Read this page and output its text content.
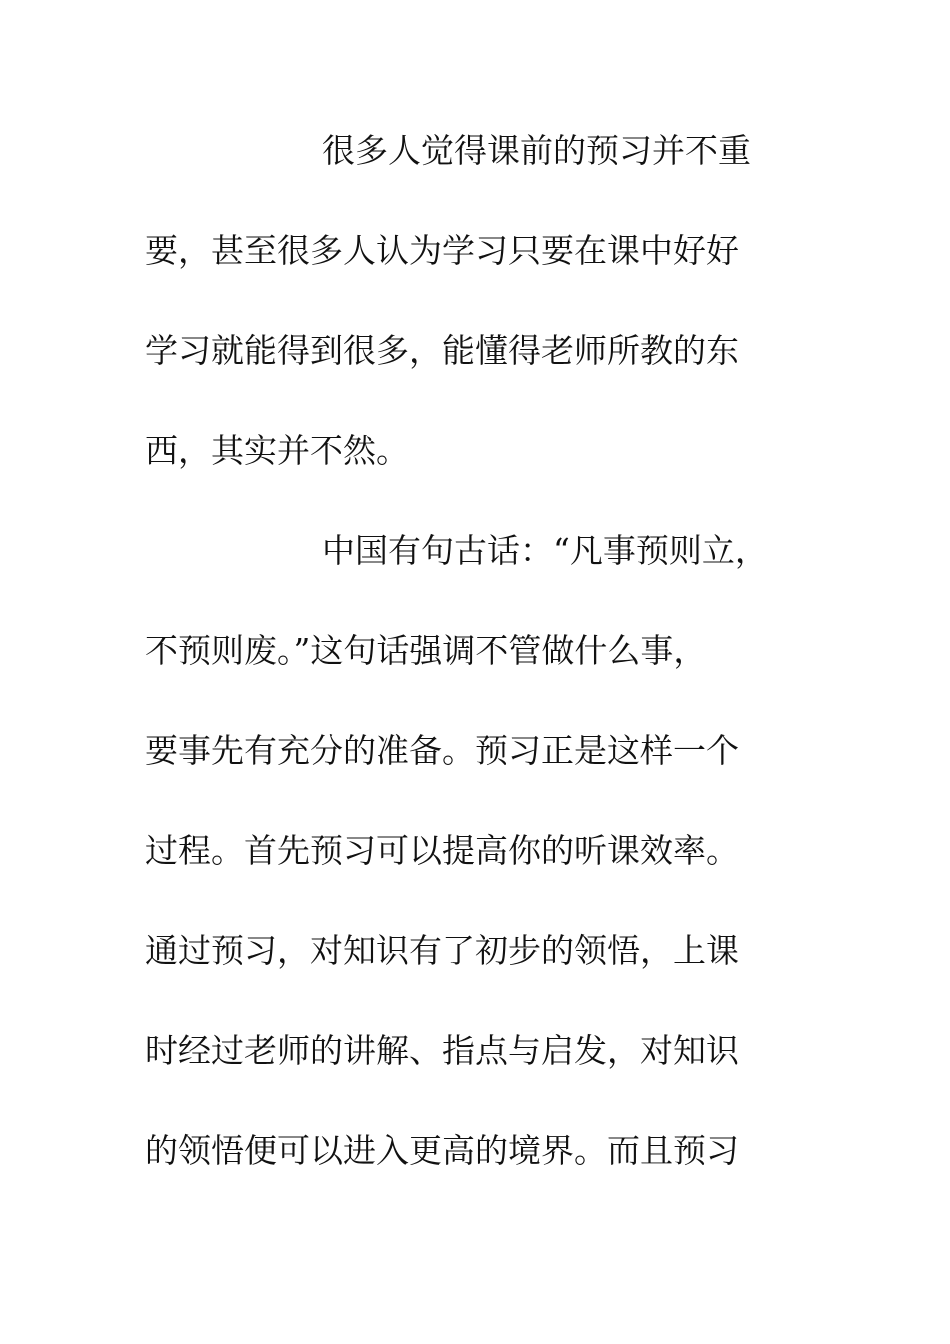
很多人觉得课前的预习并不重
要，甚至很多人认为学习只要在课中好好
学习就能得到很多，能懂得老师所教的东
西，其实并不然。
中国有句古话：“凡事预则立，
不预则废。”这句话强调不管做什么事，
要事先有充分的准备。预习正是这样一个
过程。首先预习可以提高你的听课效率。
通过预习，对知识有了初步的领悟，上课
时经过老师的讲解、指点与启发，对知识
的领悟便可以进入更高的境界。而且预习
